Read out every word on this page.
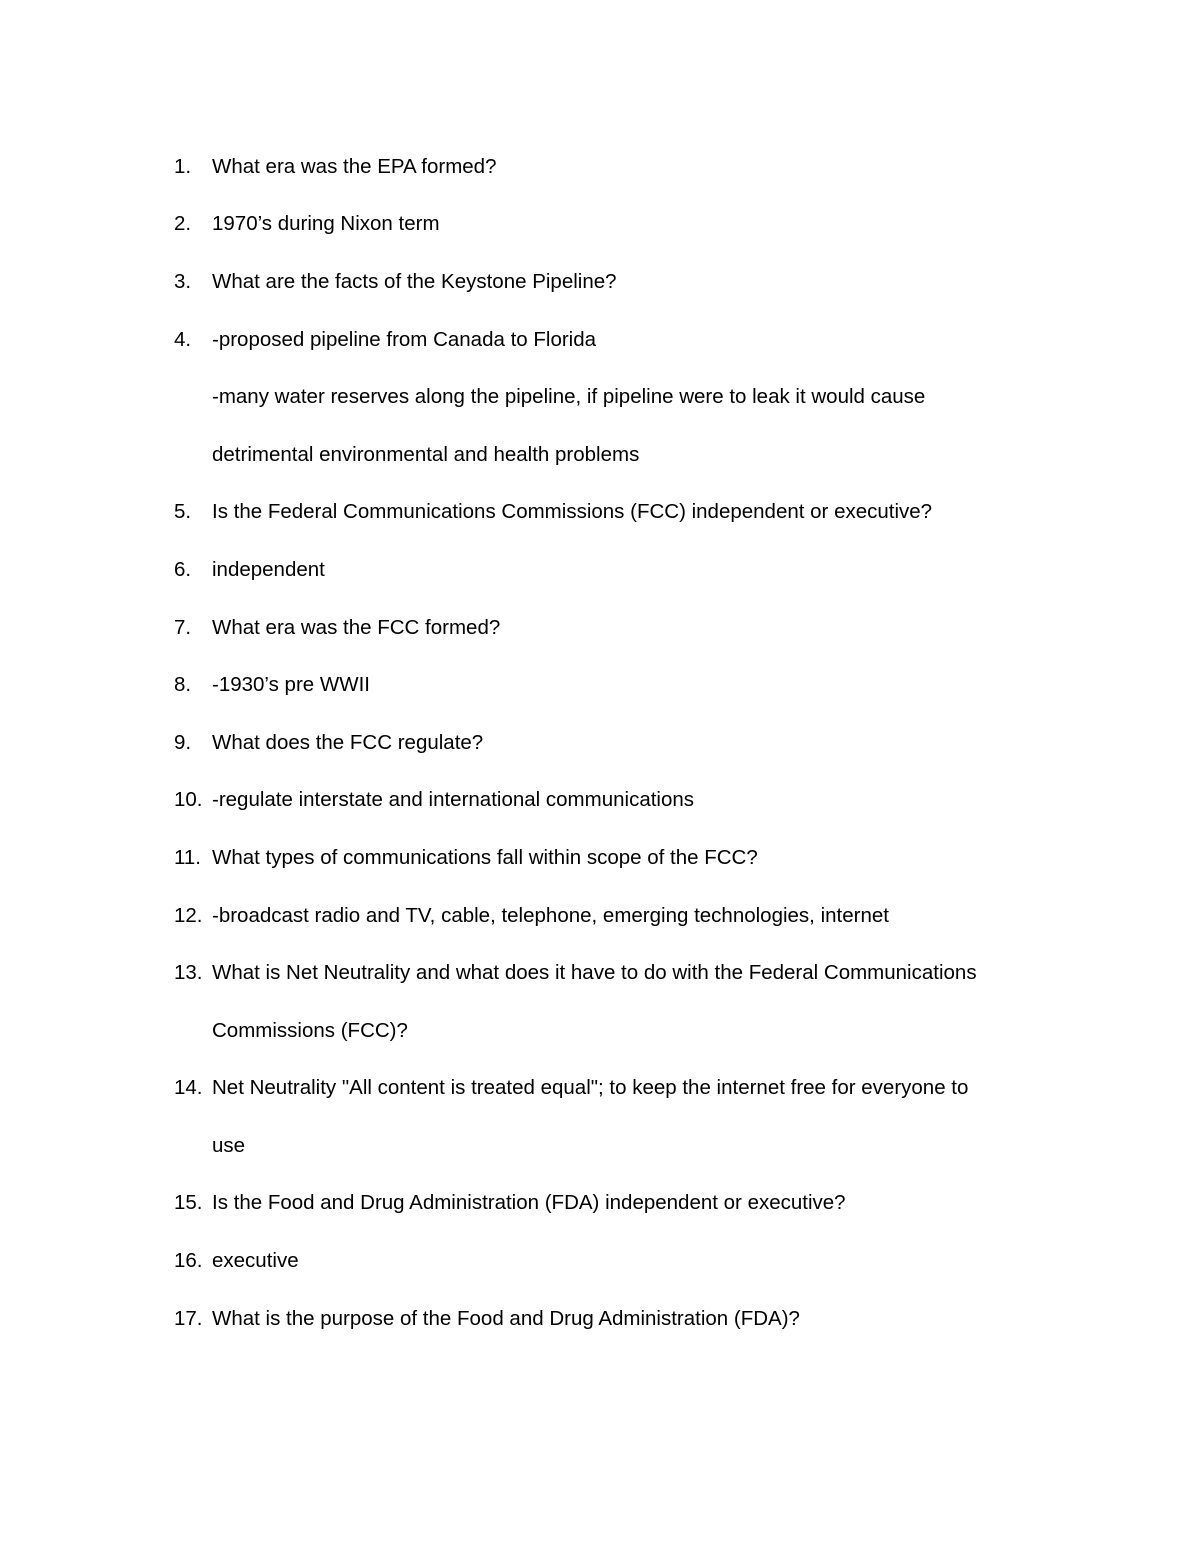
1.	What era was the EPA formed?
2.	1970’s during Nixon term
3.	What are the facts of the Keystone Pipeline?
4.	-proposed pipeline from Canada to Florida
-many water reserves along the pipeline, if pipeline were to leak it would cause
detrimental environmental and health problems
5.	Is the Federal Communications Commissions (FCC) independent or executive?
6.	independent
7.	What era was the FCC formed?
8.	-1930’s pre WWII
9.	What does the FCC regulate?
10. -regulate interstate and international communications
11. What types of communications fall within scope of the FCC?
12. -broadcast radio and TV, cable, telephone, emerging technologies, internet
13. What is Net Neutrality and what does it have to do with the Federal Communications
Commissions (FCC)?
14. Net Neutrality "All content is treated equal"; to keep the internet free for everyone to
use
15. Is the Food and Drug Administration (FDA) independent or executive?
16. executive
17. What is the purpose of the Food and Drug Administration (FDA)?
